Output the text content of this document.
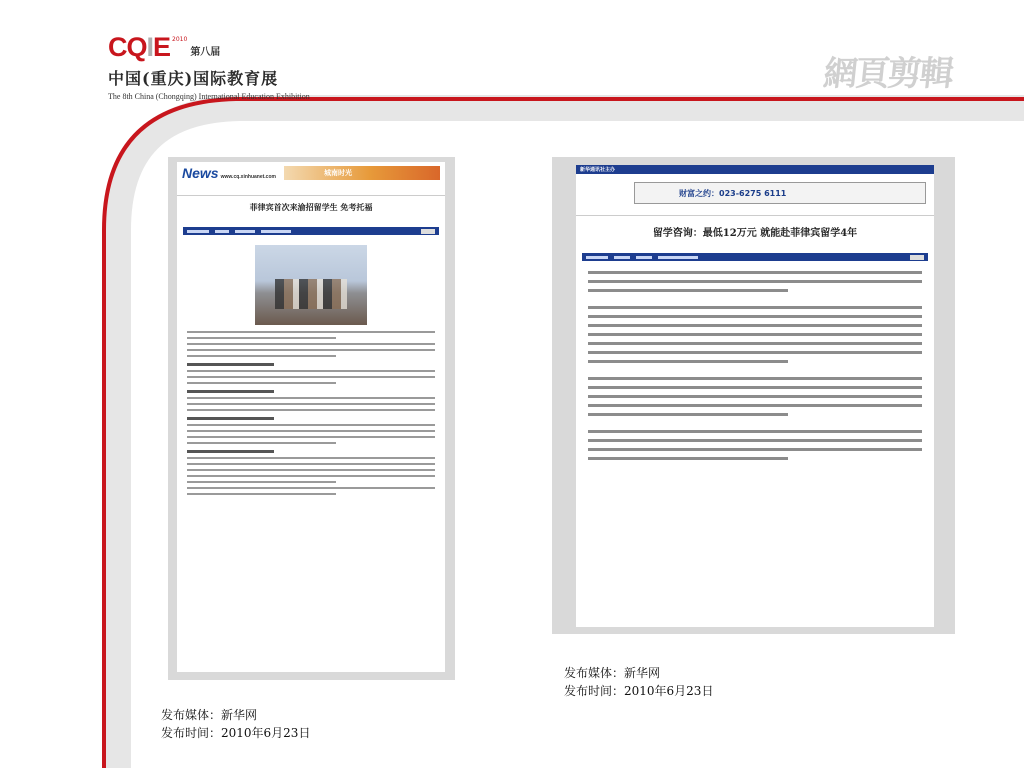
CQIE 2010
第八届
中国(重庆)国际教育展
The 8th China (Chongqing) International Education Exhibition
網頁剪輯
News www.cq.xinhuanet.com	城南时光

菲律宾首次来渝招留学生 免考托福

新华通讯社主办
财富之约：023-6275 6111

留学咨询：最低12万元 就能赴菲律宾留学4年

发布媒体：新华网
发布时间：2010年6月23日
发布媒体：新华网
发布时间：2010年6月23日
